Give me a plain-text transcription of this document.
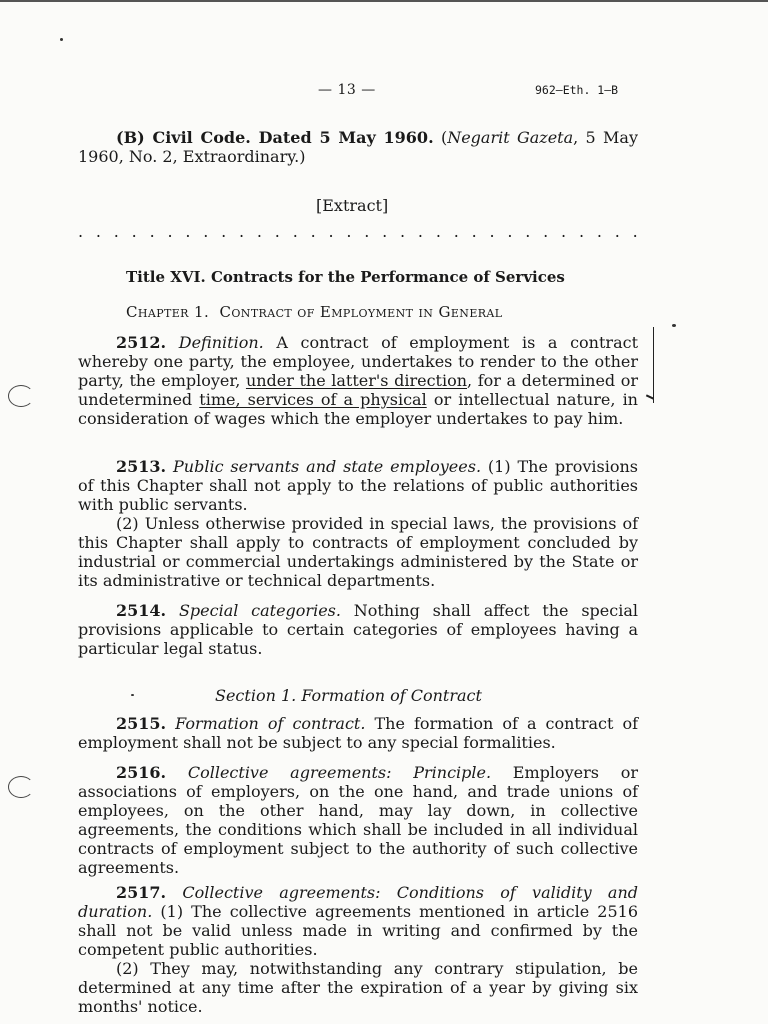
— 13 —	962—Eth. 1—B

(B) Civil Code. Dated 5 May 1960. (Negarit Gazeta, 5 May 1960, No. 2, Extraordinary.)

[Extract]
. . . . . . . . . . . . . . . . . . . . . . . . . . . . . . . .
Title XVI. Contracts for the Performance of Services
Chapter 1. Contract of Employment in General

2512. Definition. A contract of employment is a contract whereby one party, the employee, undertakes to render to the other party, the employer, under the latter's direction, for a determined or undetermined time, services of a physical or intellectual nature, in consideration of wages which the employer undertakes to pay him.

2513. Public servants and state employees. (1) The provisions of this Chapter shall not apply to the relations of public authorities with public servants.

(2) Unless otherwise provided in special laws, the provisions of this Chapter shall apply to contracts of employment concluded by industrial or commercial undertakings administered by the State or its administrative or technical departments.

2514. Special categories. Nothing shall affect the special provisions applicable to certain categories of employees having a particular legal status.

Section 1. Formation of Contract

2515. Formation of contract. The formation of a contract of employment shall not be subject to any special formalities.

2516. Collective agreements: Principle. Employers or associations of employers, on the one hand, and trade unions of employees, on the other hand, may lay down, in collective agreements, the conditions which shall be included in all individual contracts of employment subject to the authority of such collective agreements.

2517. Collective agreements: Conditions of validity and duration. (1) The collective agreements mentioned in article 2516 shall not be valid unless made in writing and confirmed by the competent public authorities.

(2) They may, notwithstanding any contrary stipulation, be determined at any time after the expiration of a year by giving six months' notice.
